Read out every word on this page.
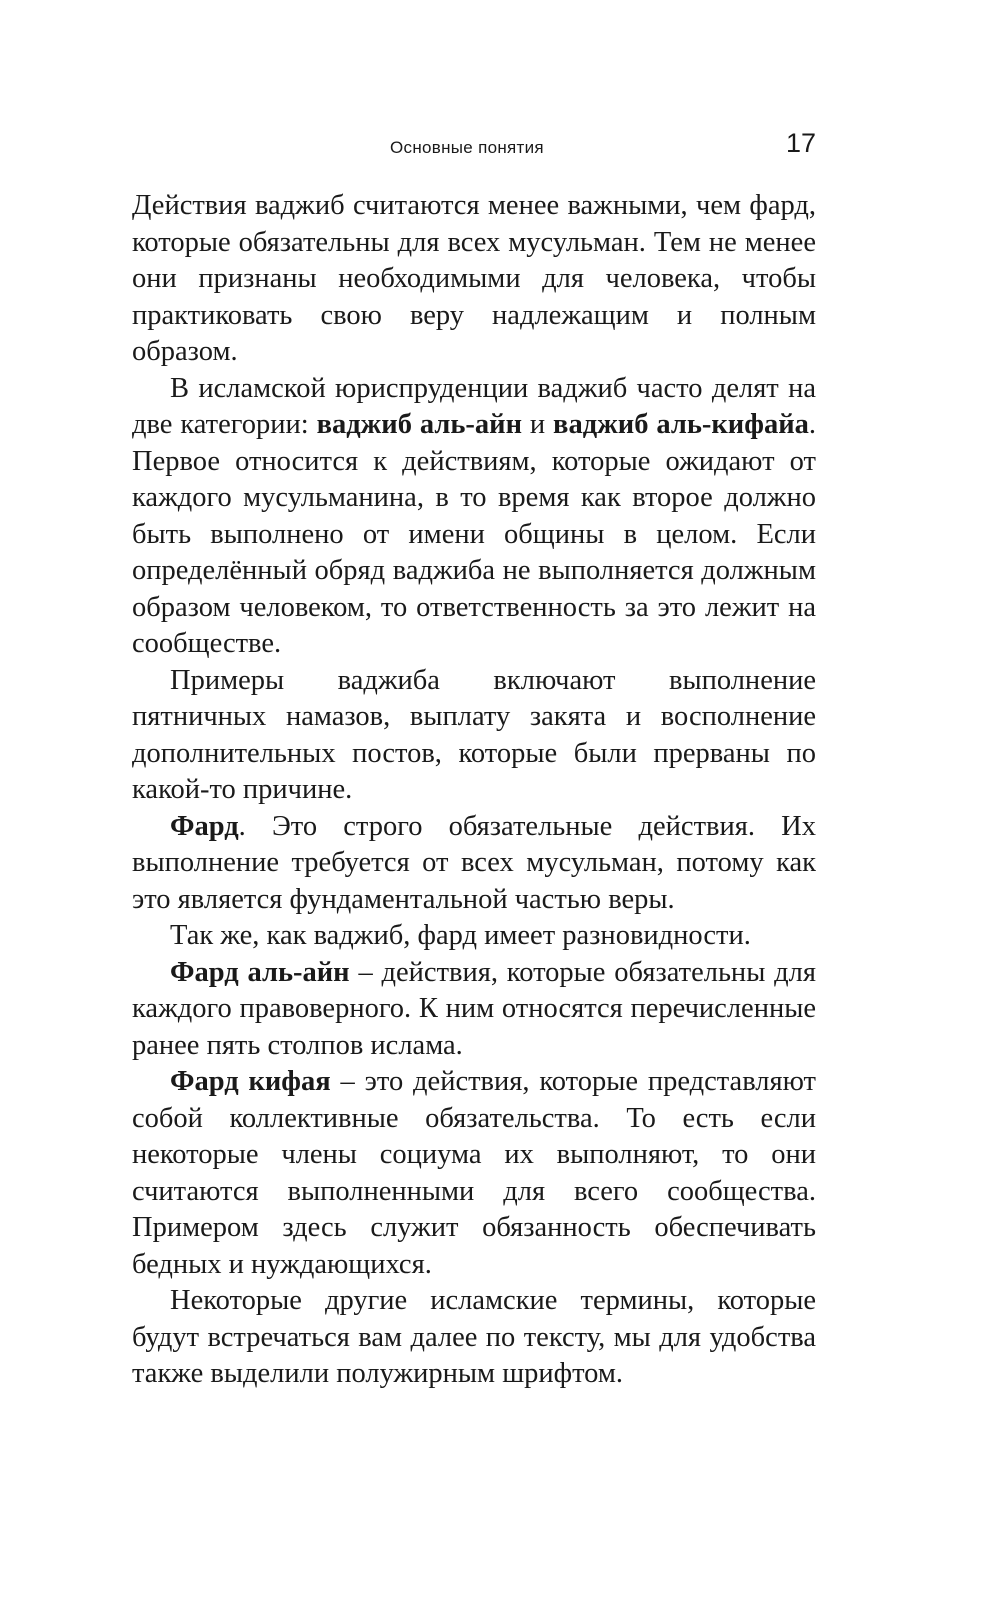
Основные понятия	17

Действия ваджиб считаются менее важными, чем фард, которые обязательны для всех мусульман. Тем не менее они признаны необходимыми для человека, чтобы практиковать свою веру надлежащим и полным образом.

В исламской юриспруденции ваджиб часто делят на две категории: ваджиб аль-айн и ваджиб аль-кифайа. Первое относится к действиям, которые ожидают от каждого мусульманина, в то время как второе должно быть выполнено от имени общины в целом. Если определённый обряд ваджиба не выполняется должным образом человеком, то ответственность за это лежит на сообществе.

Примеры ваджиба включают выполнение пятничных намазов, выплату закята и восполнение дополнительных постов, которые были прерваны по какой-то причине.

Фард. Это строго обязательные действия. Их выполнение требуется от всех мусульман, потому как это является фундаментальной частью веры.

Так же, как ваджиб, фард имеет разновидности.

Фард аль-айн – действия, которые обязательны для каждого правоверного. К ним относятся перечисленные ранее пять столпов ислама.

Фард кифая – это действия, которые представляют собой коллективные обязательства. То есть если некоторые члены социума их выполняют, то они считаются выполненными для всего сообщества. Примером здесь служит обязанность обеспечивать бедных и нуждающихся.

Некоторые другие исламские термины, которые будут встречаться вам далее по тексту, мы для удобства также выделили полужирным шрифтом.
